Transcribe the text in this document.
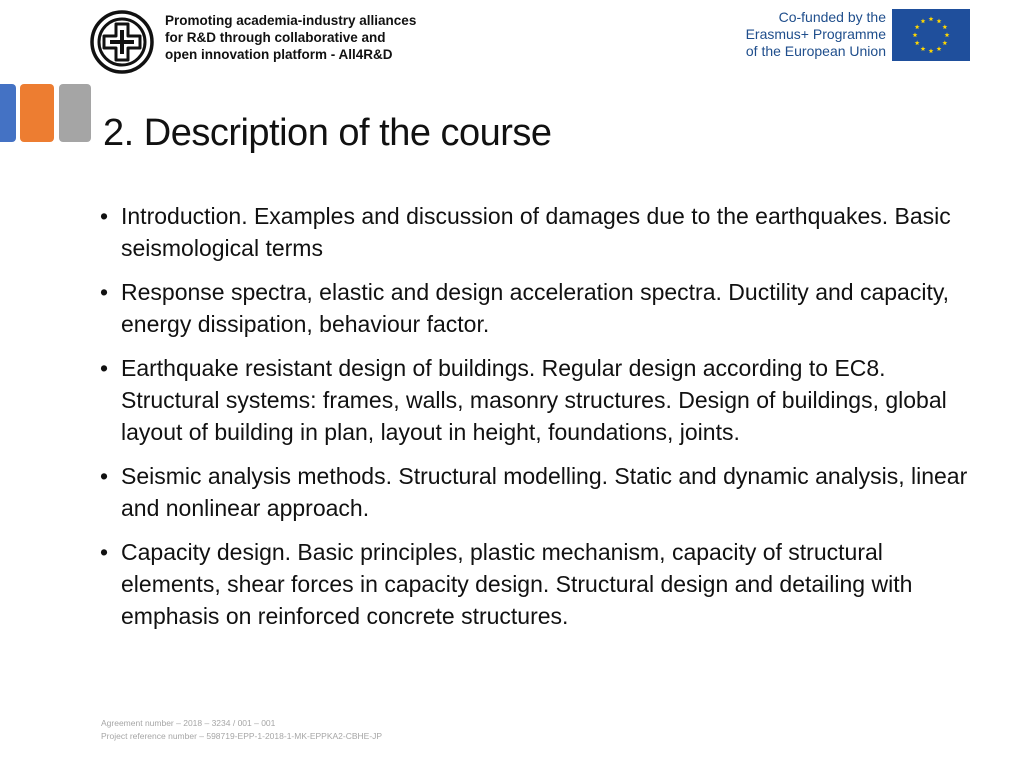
Promoting academia-industry alliances
for R&D through collaborative and
open innovation platform - All4R&D
Co-funded by the
Erasmus+ Programme
of the European Union
2. Description of the course
• Introduction. Examples and discussion of damages due to the earthquakes. Basic seismological terms
• Response spectra, elastic and design acceleration spectra. Ductility and capacity, energy dissipation, behaviour factor.
• Earthquake resistant design of buildings. Regular design according to EC8. Structural systems: frames, walls, masonry structures. Design of buildings, global layout of building in plan, layout in height, foundations, joints.
• Seismic analysis methods. Structural modelling. Static and dynamic analysis, linear and nonlinear approach.
• Capacity design. Basic principles, plastic mechanism, capacity of structural elements, shear forces in capacity design. Structural design and detailing with emphasis on reinforced concrete structures.
Agreement number – 2018 – 3234 / 001 – 001
Project reference number – 598719-EPP-1-2018-1-MK-EPPKA2-CBHE-JP
